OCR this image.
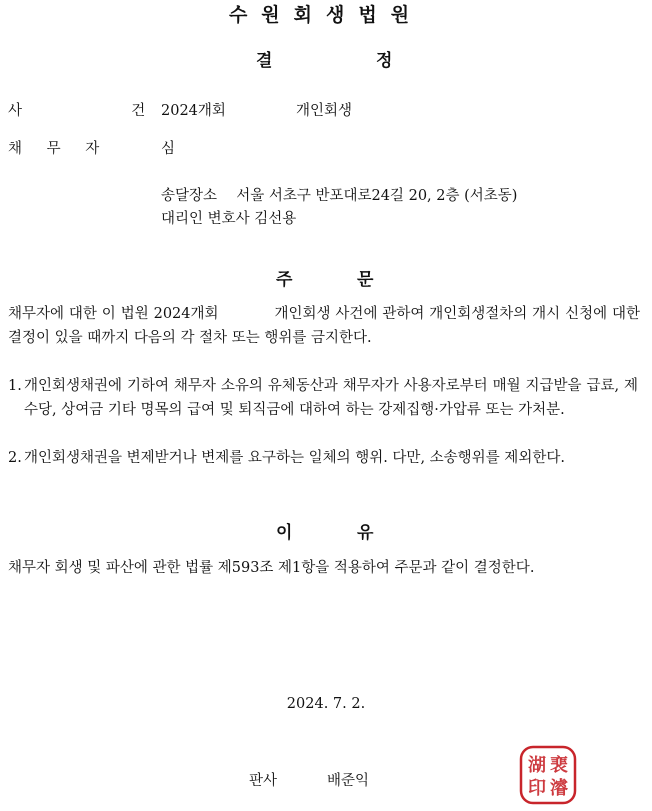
수원회생법원
결	정
사  건 2024개회	개인회생
채 무 자	심
송달장소 서울 서초구 반포대로24길 20, 2층 (서초동)
대리인 변호사 김선용
주	문
채무자에 대한 이 법원 2024개회	개인회생 사건에 관하여 개인회생절차의 개시 신청에 대한 결정이 있을 때까지 다음의 각 절차 또는 행위를 금지한다.
1. 개인회생채권에 기하여 채무자 소유의 유체동산과 채무자가 사용자로부터 매월 지급받을 급료, 제수당, 상여금 기타 명목의 급여 및 퇴직금에 대하여 하는 강제집행·가압류 또는 가처분.
2. 개인회생채권을 변제받거나 변제를 요구하는 일체의 행위. 다만, 소송행위를 제외한다.
이	유
채무자 회생 및 파산에 관한 법률 제593조 제1항을 적용하여 주문과 같이 결정한다.
2024. 7. 2.
판사	배준익
湖 裵
印 濬
